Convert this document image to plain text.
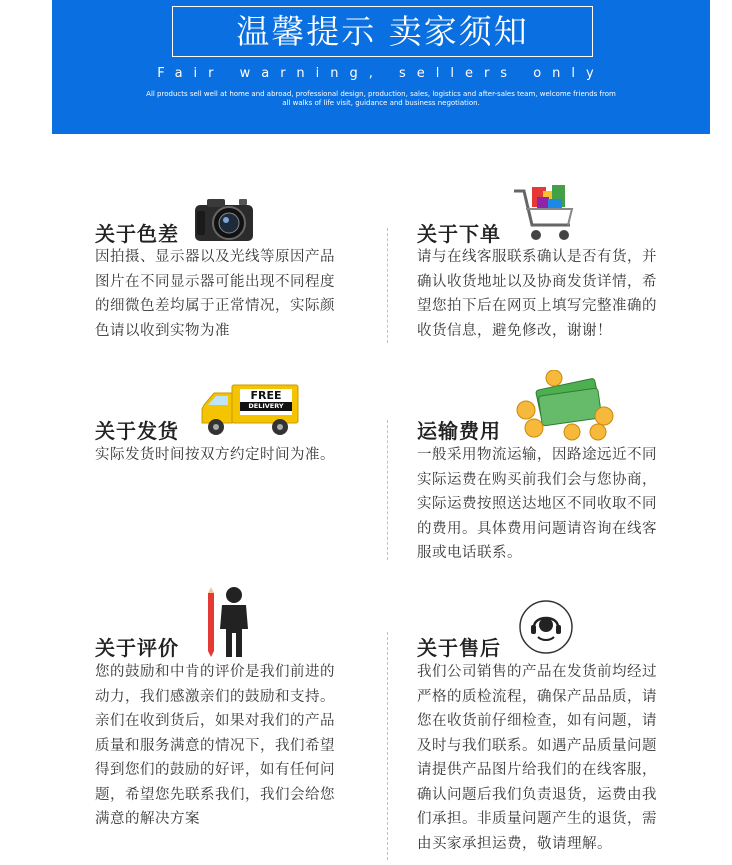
温馨提示 卖家须知
Fair warning, sellers only
All products sell well at home and abroad, professional design, production, sales, logistics and after-sales team, welcome friends from all walks of life visit, guidance and business negotiation.
关于色差
因拍摄、显示器以及光线等原因产品
图片在不同显示器可能出现不同程度
的细微色差均属于正常情况，实际颜
色请以收到实物为准
关于下单
请与在线客服联系确认是否有货，并
确认收货地址以及协商发货详情，希
望您拍下后在网页上填写完整准确的
收货信息，避免修改，谢谢！
关于发货
FREE
DELIVERY
实际发货时间按双方约定时间为准。
运输费用
一般采用物流运输，因路途远近不同
实际运费在购买前我们会与您协商，
实际运费按照送达地区不同收取不同
的费用。具体费用问题请咨询在线客
服或电话联系。
关于评价
您的鼓励和中肯的评价是我们前进的
动力，我们感激亲们的鼓励和支持。
亲们在收到货后，如果对我们的产品
质量和服务满意的情况下，我们希望
得到您们的鼓励的好评，如有任何问
题，希望您先联系我们，我们会给您
满意的解决方案
关于售后
我们公司销售的产品在发货前均经过
严格的质检流程，确保产品品质，请
您在收货前仔细检查，如有问题，请
及时与我们联系。如遇产品质量问题
请提供产品图片给我们的在线客服，
确认问题后我们负责退货，运费由我
们承担。非质量问题产生的退货，需
由买家承担运费，敬请理解。
